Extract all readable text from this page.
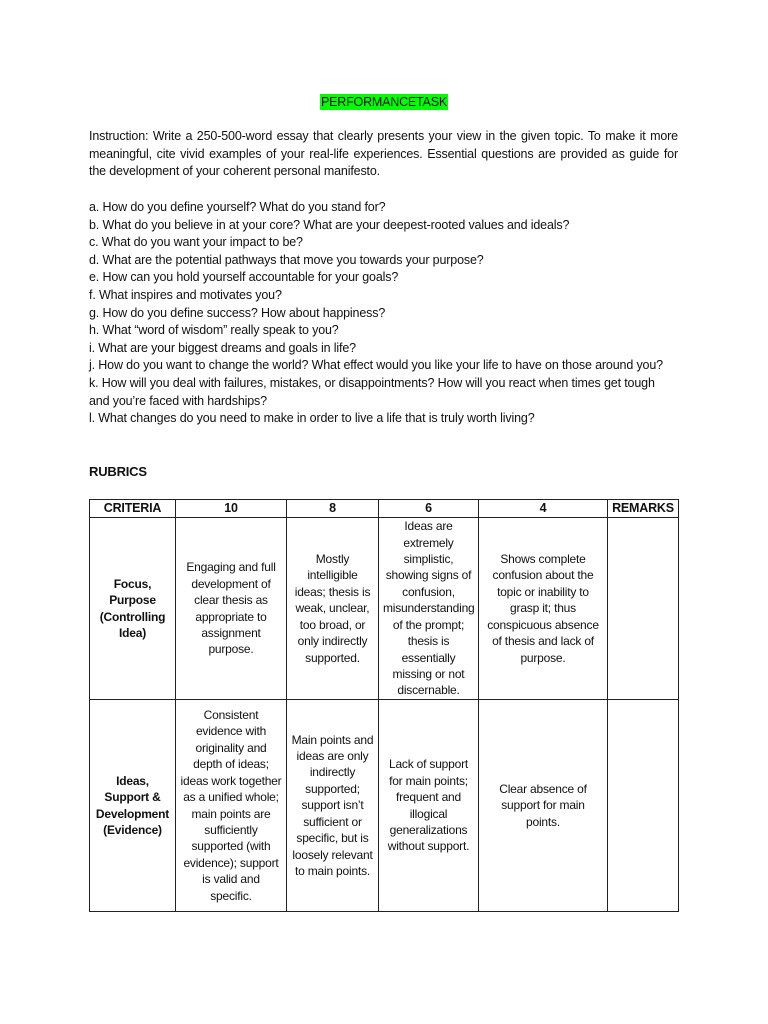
PERFORMANCETASK

Instruction: Write a 250-500-word essay that clearly presents your view in the given topic. To make it more meaningful, cite vivid examples of your real-life experiences. Essential questions are provided as guide for the development of your coherent personal manifesto.

a. How do you define yourself? What do you stand for?
b. What do you believe in at your core? What are your deepest-rooted values and ideals?
c. What do you want your impact to be?
d. What are the potential pathways that move you towards your purpose?
e. How can you hold yourself accountable for your goals?
f. What inspires and motivates you?
g. How do you define success? How about happiness?
h. What “word of wisdom” really speak to you?
i. What are your biggest dreams and goals in life?
j. How do you want to change the world? What effect would you like your life to have on those around you?
k. How will you deal with failures, mistakes, or disappointments? How will you react when times get tough and you’re faced with hardships?
l. What changes do you need to make in order to live a life that is truly worth living?
RUBRICS
CRITERIA	10	8	6	4	REMARKS
Focus, Purpose (Controlling Idea)	Engaging and full development of clear thesis as appropriate to assignment purpose.	Mostly intelligible ideas; thesis is weak, unclear, too broad, or only indirectly supported.	Ideas are extremely simplistic, showing signs of confusion, misunderstanding of the prompt; thesis is essentially missing or not discernable.	Shows complete confusion about the topic or inability to grasp it; thus conspicuous absence of thesis and lack of purpose.	
Ideas, Support & Development (Evidence)	Consistent evidence with originality and depth of ideas; ideas work together as a unified whole; main points are sufficiently supported (with evidence); support is valid and specific.	Main points and ideas are only indirectly supported; support isn’t sufficient or specific, but is loosely relevant to main points.	Lack of support for main points; frequent and illogical generalizations without support.	Clear absence of support for main points.	
